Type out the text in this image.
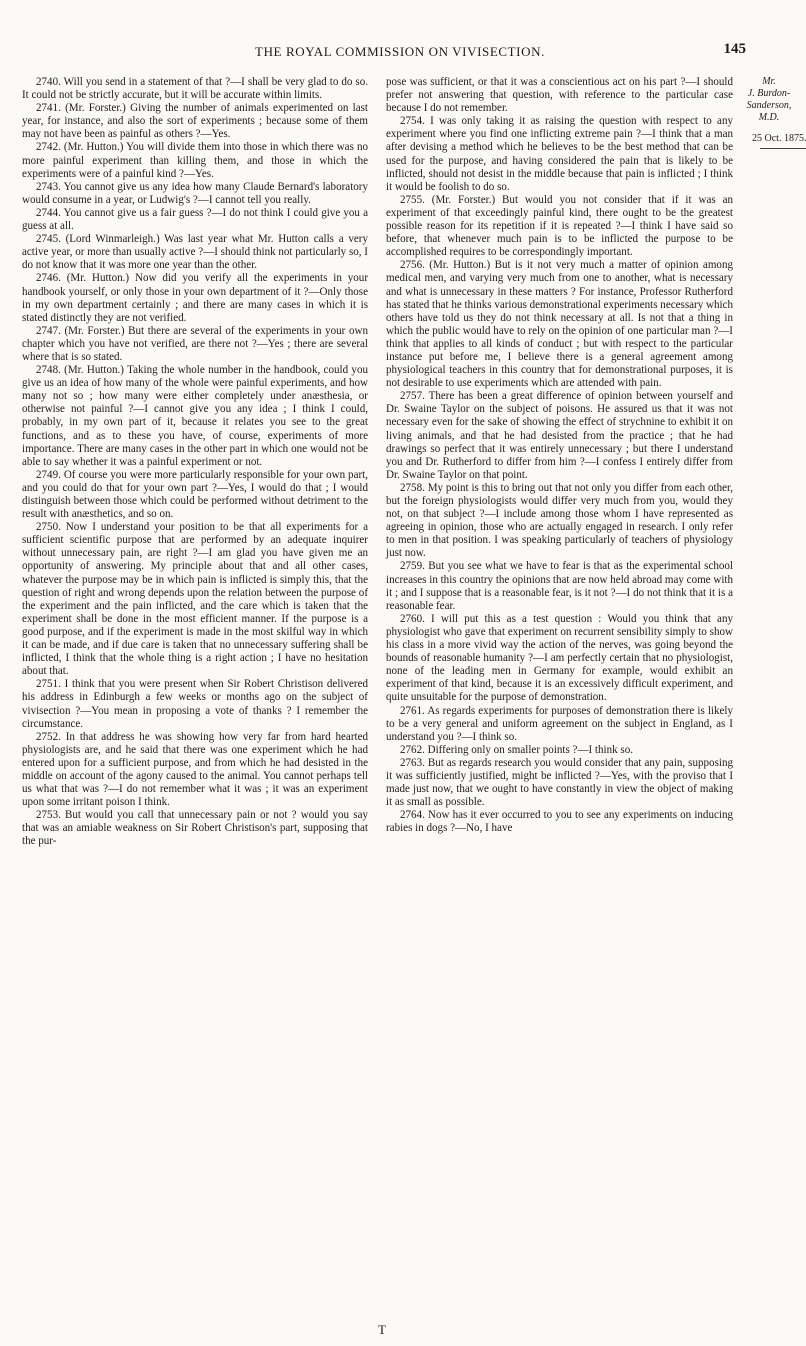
THE ROYAL COMMISSION ON VIVISECTION.	145

2740. Will you send in a statement of that ?—I shall be very glad to do so. It could not be strictly accurate, but it will be accurate within limits.

2741. (Mr. Forster.) Giving the number of animals experimented on last year, for instance, and also the sort of experiments ; because some of them may not have been as painful as others ?—Yes.

2742. (Mr. Hutton.) You will divide them into those in which there was no more painful experiment than killing them, and those in which the experiments were of a painful kind ?—Yes.

2743. You cannot give us any idea how many Claude Bernard's laboratory would consume in a year, or Ludwig's ?—I cannot tell you really.

2744. You cannot give us a fair guess ?—I do not think I could give you a guess at all.

2745. (Lord Winmarleigh.) Was last year what Mr. Hutton calls a very active year, or more than usually active ?—I should think not particularly so, I do not know that it was more one year than the other.

2746. (Mr. Hutton.) Now did you verify all the experiments in your handbook yourself, or only those in your own department of it ?—Only those in my own department certainly ; and there are many cases in which it is stated distinctly they are not verified.

2747. (Mr. Forster.) But there are several of the experiments in your own chapter which you have not verified, are there not ?—Yes ; there are several where that is so stated.

2748. (Mr. Hutton.) Taking the whole number in the handbook, could you give us an idea of how many of the whole were painful experiments, and how many not so ; how many were either completely under anæsthesia, or otherwise not painful ?—I cannot give you any idea ; I think I could, probably, in my own part of it, because it relates you see to the great functions, and as to these you have, of course, experiments of more importance. There are many cases in the other part in which one would not be able to say whether it was a painful experiment or not.

2749. Of course you were more particularly responsible for your own part, and you could do that for your own part ?—Yes, I would do that ; I would distinguish between those which could be performed without detriment to the result with anæsthetics, and so on.

2750. Now I understand your position to be that all experiments for a sufficient scientific purpose that are performed by an adequate inquirer without unnecessary pain, are right ?—I am glad you have given me an opportunity of answering. My principle about that and all other cases, whatever the purpose may be in which pain is inflicted is simply this, that the question of right and wrong depends upon the relation between the purpose of the experiment and the pain inflicted, and the care which is taken that the experiment shall be done in the most efficient manner. If the purpose is a good purpose, and if the experiment is made in the most skilful way in which it can be made, and if due care is taken that no unnecessary suffering shall be inflicted, I think that the whole thing is a right action ; I have no hesitation about that.

2751. I think that you were present when Sir Robert Christison delivered his address in Edinburgh a few weeks or months ago on the subject of vivisection ?—You mean in proposing a vote of thanks ? I remember the circumstance.

2752. In that address he was showing how very far from hard hearted physiologists are, and he said that there was one experiment which he had entered upon for a sufficient purpose, and from which he had desisted in the middle on account of the agony caused to the animal. You cannot perhaps tell us what that was ?—I do not remember what it was ; it was an experiment upon some irritant poison I think.

2753. But would you call that unnecessary pain or not ? would you say that was an amiable weakness on Sir Robert Christison's part, supposing that the pur-

pose was sufficient, or that it was a conscientious act on his part ?—I should prefer not answering that question, with reference to the particular case because I do not remember.

2754. I was only taking it as raising the question with respect to any experiment where you find one inflicting extreme pain ?—I think that a man after devising a method which he believes to be the best method that can be used for the purpose, and having considered the pain that is likely to be inflicted, should not desist in the middle because that pain is inflicted ; I think it would be foolish to do so.

2755. (Mr. Forster.) But would you not consider that if it was an experiment of that exceedingly painful kind, there ought to be the greatest possible reason for its repetition if it is repeated ?—I think I have said so before, that whenever much pain is to be inflicted the purpose to be accomplished requires to be correspondingly important.

2756. (Mr. Hutton.) But is it not very much a matter of opinion among medical men, and varying very much from one to another, what is necessary and what is unnecessary in these matters ? For instance, Professor Rutherford has stated that he thinks various demonstrational experiments necessary which others have told us they do not think necessary at all. Is not that a thing in which the public would have to rely on the opinion of one particular man ?—I think that applies to all kinds of conduct ; but with respect to the particular instance put before me, I believe there is a general agreement among physiological teachers in this country that for demonstrational purposes, it is not desirable to use experiments which are attended with pain.

2757. There has been a great difference of opinion between yourself and Dr. Swaine Taylor on the subject of poisons. He assured us that it was not necessary even for the sake of showing the effect of strychnine to exhibit it on living animals, and that he had desisted from the practice ; that he had drawings so perfect that it was entirely unnecessary ; but there I understand you and Dr. Rutherford to differ from him ?—I confess I entirely differ from Dr. Swaine Taylor on that point.

2758. My point is this to bring out that not only you differ from each other, but the foreign physiologists would differ very much from you, would they not, on that subject ?—I include among those whom I have represented as agreeing in opinion, those who are actually engaged in research. I only refer to men in that position. I was speaking particularly of teachers of physiology just now.

2759. But you see what we have to fear is that as the experimental school increases in this country the opinions that are now held abroad may come with it ; and I suppose that is a reasonable fear, is it not ?—I do not think that it is a reasonable fear.

2760. I will put this as a test question : Would you think that any physiologist who gave that experiment on recurrent sensibility simply to show his class in a more vivid way the action of the nerves, was going beyond the bounds of reasonable humanity ?—I am perfectly certain that no physiologist, none of the leading men in Germany for example, would exhibit an experiment of that kind, because it is an excessively difficult experiment, and quite unsuitable for the purpose of demonstration.

2761. As regards experiments for purposes of demonstration there is likely to be a very general and uniform agreement on the subject in England, as I understand you ?—I think so.

2762. Differing only on smaller points ?—I think so.

2763. But as regards research you would consider that any pain, supposing it was sufficiently justified, might be inflicted ?—Yes, with the proviso that I made just now, that we ought to have constantly in view the object of making it as small as possible.

2764. Now has it ever occurred to you to see any experiments on inducing rabies in dogs ?—No, I have

Mr.
J. Burdon-
Sanderson,
M.D.
25 Oct. 1875.
T
